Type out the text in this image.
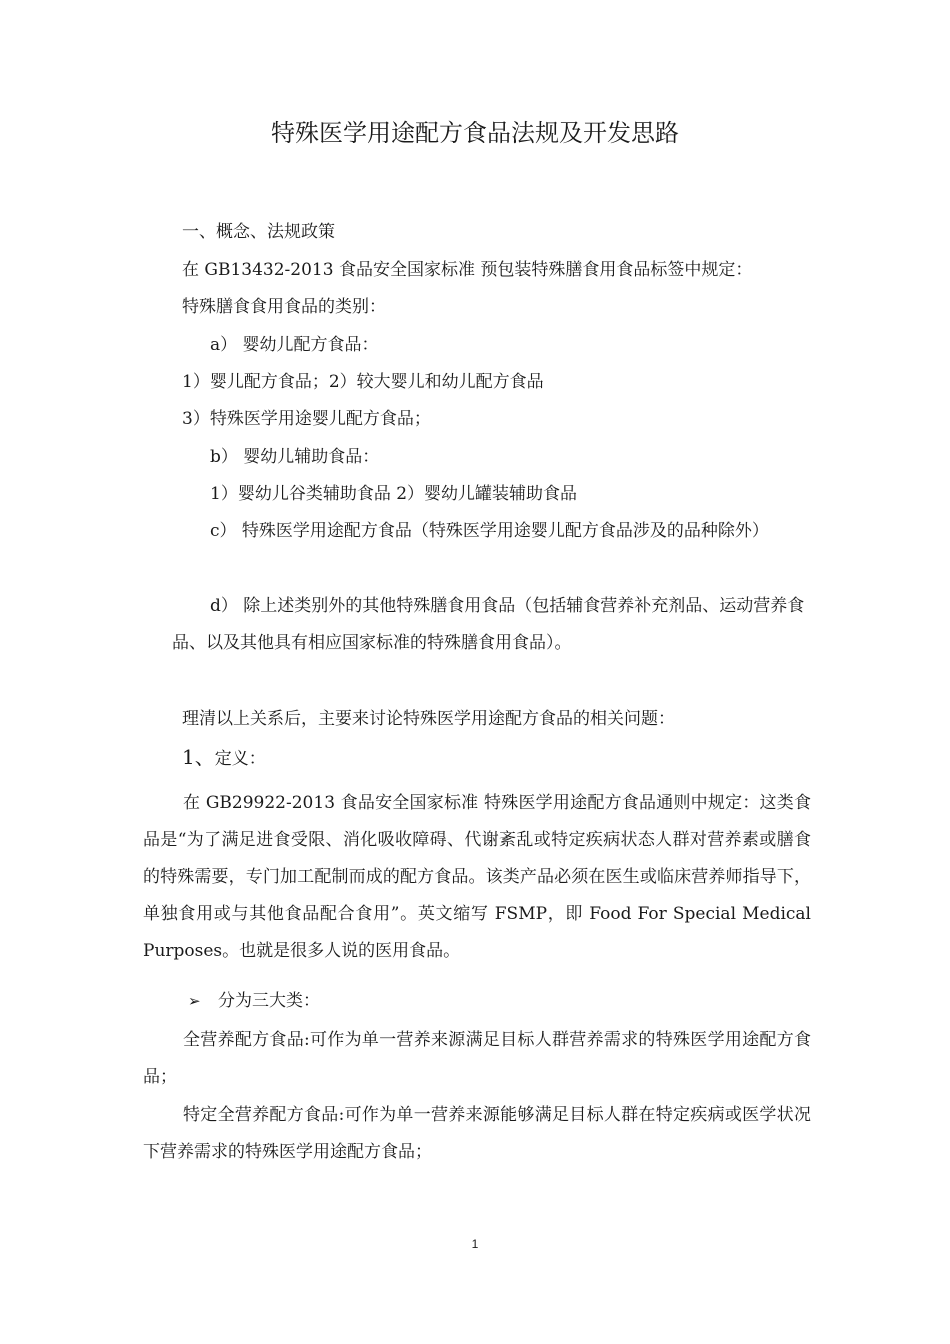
特殊医学用途配方食品法规及开发思路
一、概念、法规政策
在 GB13432-2013 食品安全国家标准 预包装特殊膳食用食品标签中规定：
特殊膳食食用食品的类别：
a） 婴幼儿配方食品：
1）婴儿配方食品；2）较大婴儿和幼儿配方食品
3）特殊医学用途婴儿配方食品；
b） 婴幼儿辅助食品：
1）婴幼儿谷类辅助食品 2）婴幼儿罐装辅助食品
c） 特殊医学用途配方食品（特殊医学用途婴儿配方食品涉及的品种除外）
d） 除上述类别外的其他特殊膳食用食品（包括辅食营养补充剂品、运动营养食品、以及其他具有相应国家标准的特殊膳食用食品）。
理清以上关系后，主要来讨论特殊医学用途配方食品的相关问题：
1、定义：
在 GB29922-2013 食品安全国家标准 特殊医学用途配方食品通则中规定：这类食品是“为了满足进食受限、消化吸收障碍、代谢紊乱或特定疾病状态人群对营养素或膳食的特殊需要，专门加工配制而成的配方食品。该类产品必须在医生或临床营养师指导下，单独食用或与其他食品配合食用”。英文缩写 FSMP，即 Food For Special Medical Purposes。也就是很多人说的医用食品。
➢ 分为三大类：
全营养配方食品:可作为单一营养来源满足目标人群营养需求的特殊医学用途配方食品；
特定全营养配方食品:可作为单一营养来源能够满足目标人群在特定疾病或医学状况下营养需求的特殊医学用途配方食品；
1
